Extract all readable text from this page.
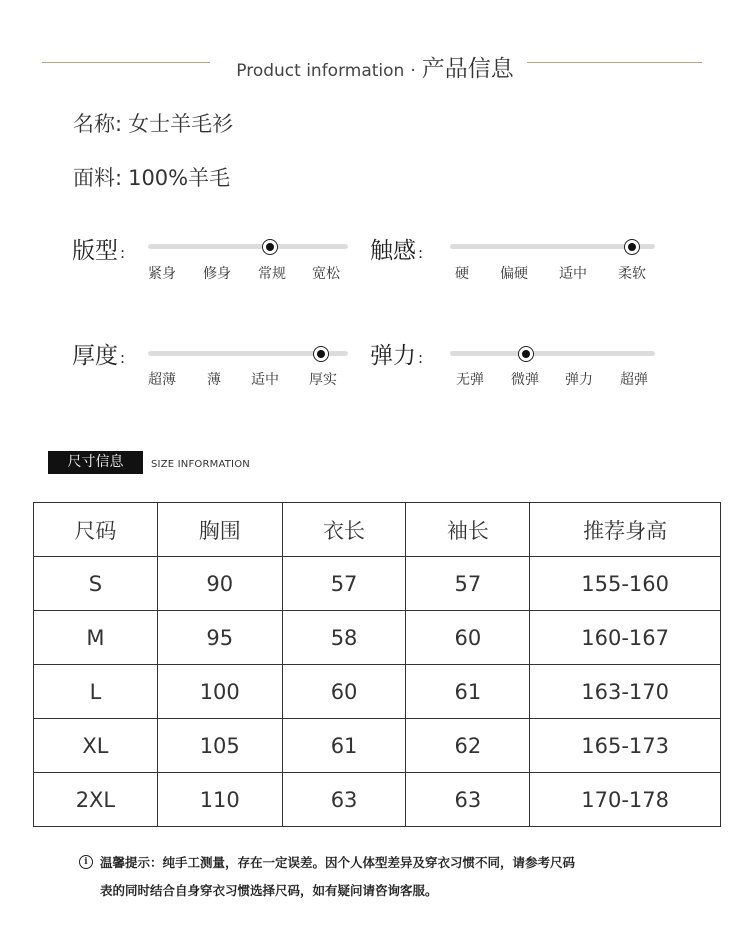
Product information · 产品信息
名称: 女士羊毛衫
面料: 100%羊毛
版型 :
紧身 修身 常规 宽松
触感 :
硬 偏硬 适中 柔软
厚度 :
超薄 薄 适中 厚实
弹力 :
无弹 微弹 弹力 超弹
尺寸信息	SIZE INFORMATION
尺码	胸围	衣长	袖长	推荐身高
S	90	57	57	155-160
M	95	58	60	160-167
L	100	60	61	163-170
XL	105	61	62	165-173
2XL	110	63	63	170-178
i 温馨提示：纯手工测量，存在一定误差。因个人体型差异及穿衣习惯不同，请参考尺码
表的同时结合自身穿衣习惯选择尺码，如有疑问请咨询客服。
